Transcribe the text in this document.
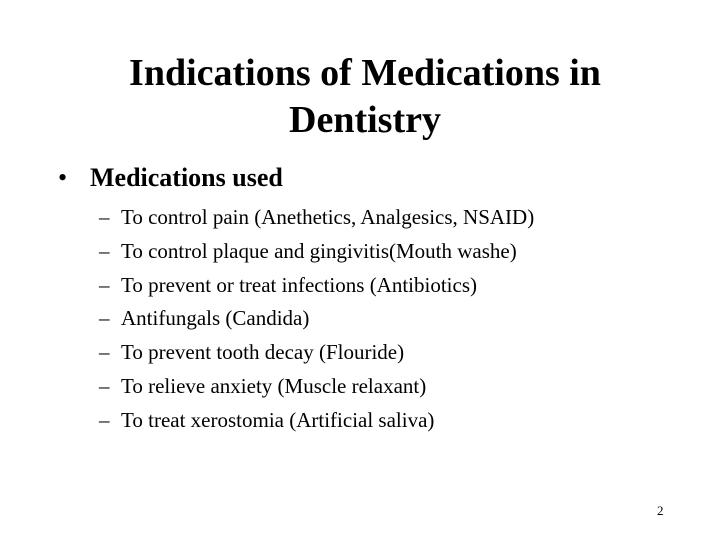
Indications of Medications in
Dentistry
• Medications used
– To control pain (Anethetics, Analgesics, NSAID)
– To control plaque and gingivitis(Mouth washe)
– To prevent or treat infections (Antibiotics)
– Antifungals (Candida)
– To prevent tooth decay (Flouride)
– To relieve anxiety (Muscle relaxant)
– To treat xerostomia (Artificial saliva)
2
